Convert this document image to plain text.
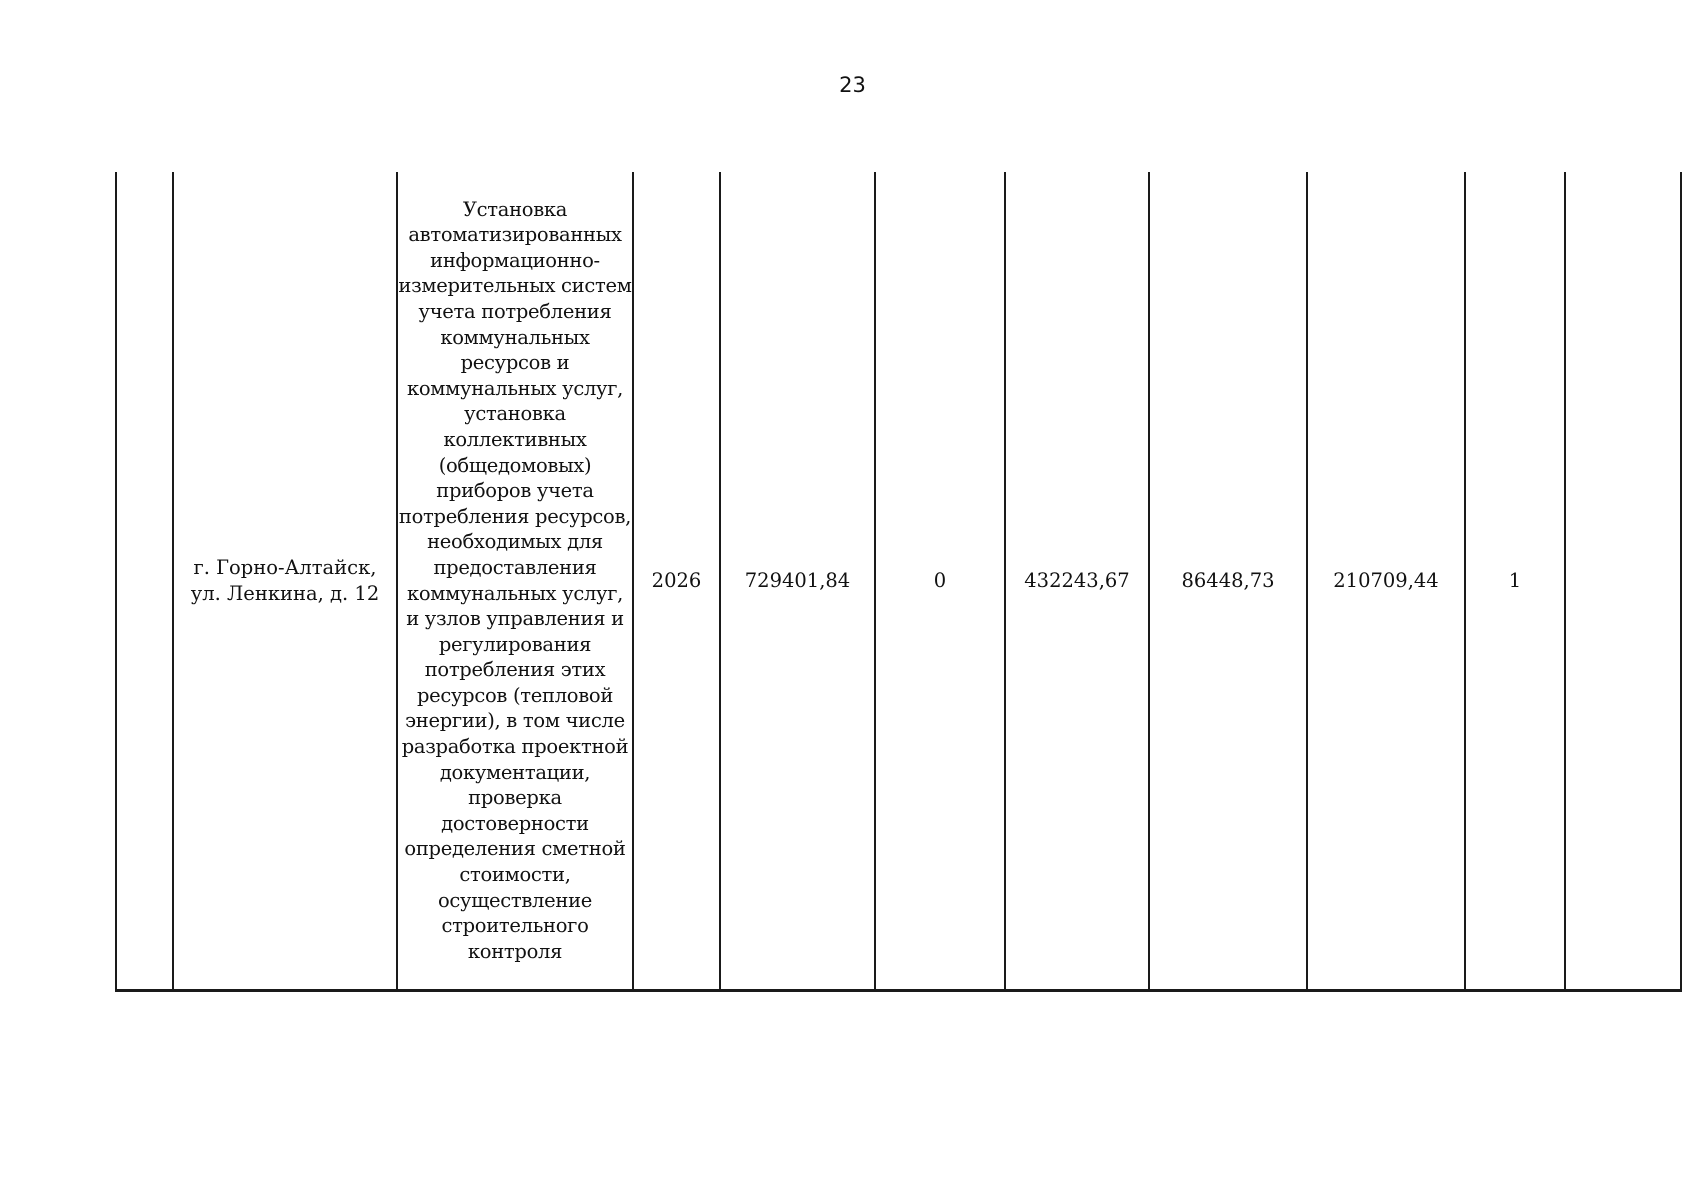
23
	г. Горно-Алтайск,
ул. Ленкина, д. 12	Установка автоматизированных информационно-измерительных систем учета потребления коммунальных ресурсов и коммунальных услуг, установка коллективных (общедомовых) приборов учета потребления ресурсов, необходимых для предоставления коммунальных услуг, и узлов управления и регулирования потребления этих ресурсов (тепловой энергии), в том числе разработка проектной документации, проверка достоверности определения сметной стоимости, осуществление строительного контроля	2026	729401,84	0	432243,67	86448,73	210709,44	1	
